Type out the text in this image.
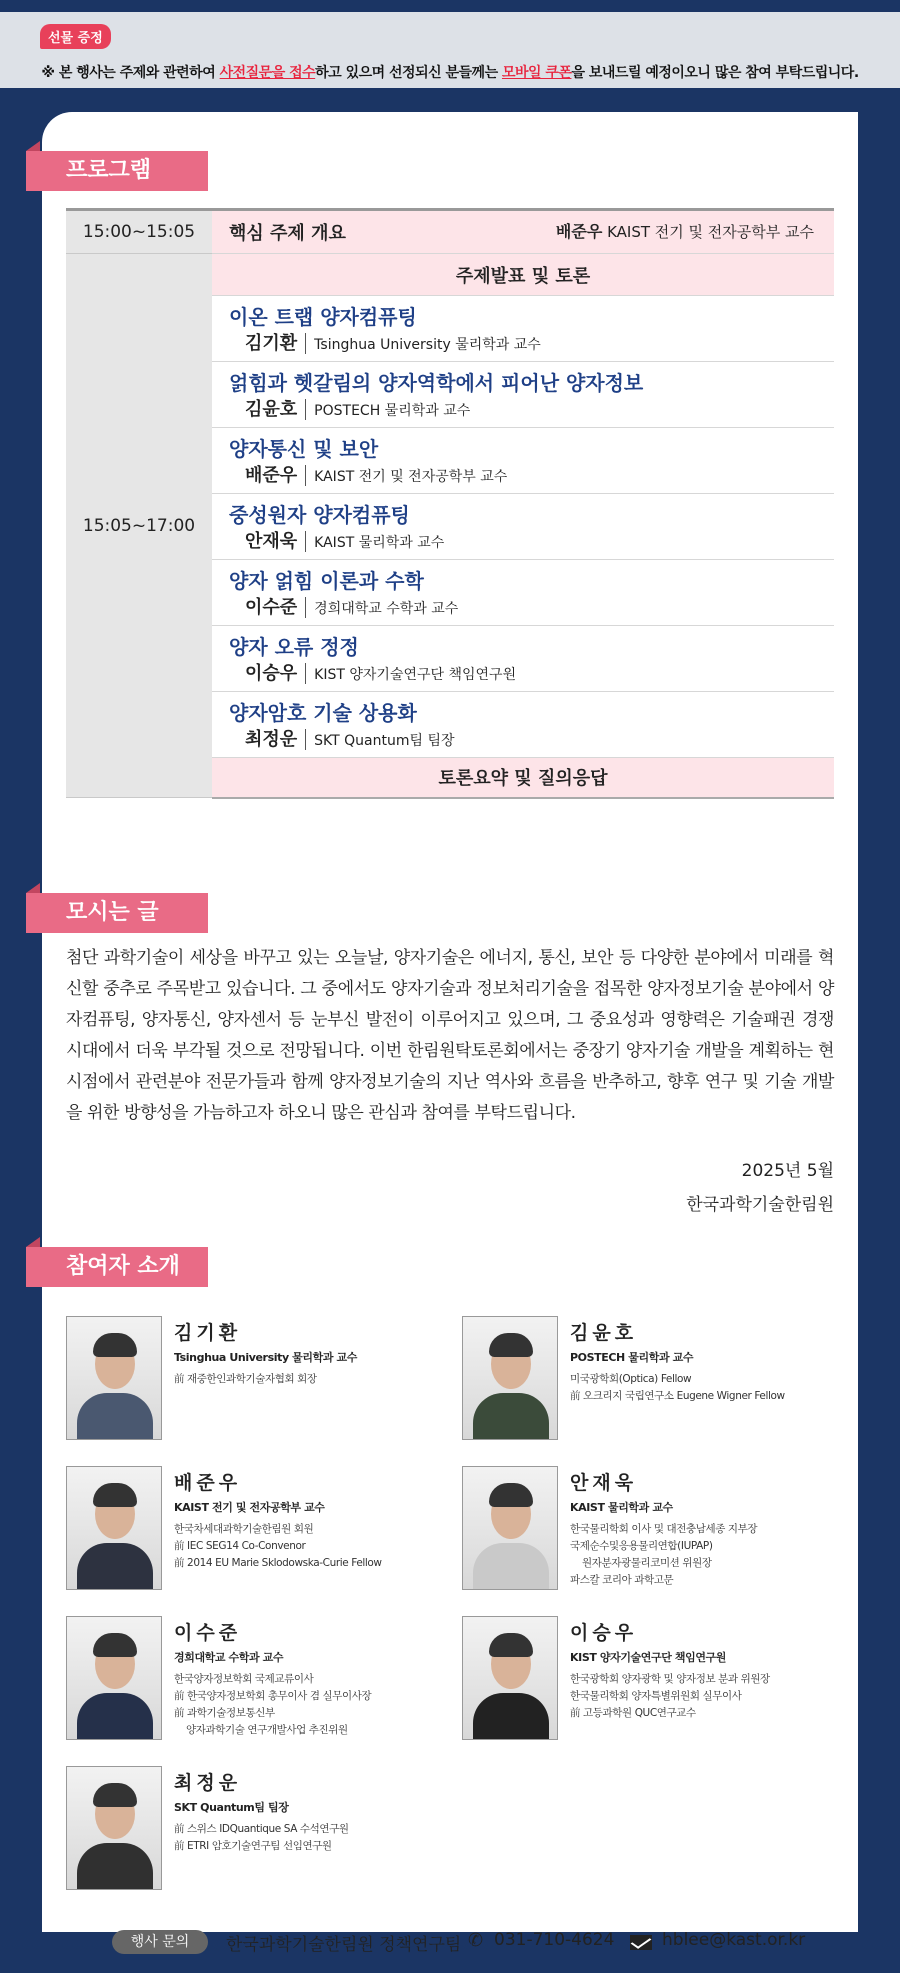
선물 증정
※ 본 행사는 주제와 관련하여 사전질문을 접수하고 있으며 선정되신 분들께는 모바일 쿠폰을 보내드릴 예정이오니 많은 참여 부탁드립니다.
프로그램
15:00~15:05	핵심 주제 개요 배준우 KAIST 전기 및 전자공학부 교수

15:05~17:00	주제발표 및 토론

	이온 트랩 양자컴퓨팅
김기환 Tsinghua University 물리학과 교수

	얽힘과 헷갈림의 양자역학에서 피어난 양자정보
김윤호 POSTECH 물리학과 교수

	양자통신 및 보안
배준우 KAIST 전기 및 전자공학부 교수

	중성원자 양자컴퓨팅
안재욱 KAIST 물리학과 교수

	양자 얽힘 이론과 수학
이수준 경희대학교 수학과 교수

	양자 오류 정정
이승우 KIST 양자기술연구단 책임연구원

	양자암호 기술 상용화
최정운 SKT Quantum팀 팀장

	토론요약 및 질의응답
모시는 글
첨단 과학기술이 세상을 바꾸고 있는 오늘날, 양자기술은 에너지, 통신, 보안 등 다양한 분야에서 미래를 혁신할 중추로 주목받고 있습니다. 그 중에서도 양자기술과 정보처리기술을 접목한 양자정보기술 분야에서 양자컴퓨팅, 양자통신, 양자센서 등 눈부신 발전이 이루어지고 있으며, 그 중요성과 영향력은 기술패권 경쟁 시대에서 더욱 부각될 것으로 전망됩니다. 이번 한림원탁토론회에서는 중장기 양자기술 개발을 계획하는 현 시점에서 관련분야 전문가들과 함께 양자정보기술의 지난 역사와 흐름을 반추하고, 향후 연구 및 기술 개발을 위한 방향성을 가늠하고자 하오니 많은 관심과 참여를 부탁드립니다.
2025년 5월
한국과학기술한림원
참여자 소개
김기환
Tsinghua University 물리학과 교수
前 재중한인과학기술자협회 회장
김윤호
POSTECH 물리학과 교수
미국광학회(Optica) Fellow
前 오크리지 국립연구소 Eugene Wigner Fellow
배준우
KAIST 전기 및 전자공학부 교수
한국차세대과학기술한림원 회원
前 IEC SEG14 Co-Convenor
前 2014 EU Marie Sklodowska-Curie Fellow
안재욱
KAIST 물리학과 교수
한국물리학회 이사 및 대전충남세종 지부장
국제순수및응용물리연합(IUPAP)
원자분자광물리코미션 위원장
파스칼 코리아 과학고문
이수준
경희대학교 수학과 교수
한국양자정보학회 국제교류이사
前 한국양자정보학회 총무이사 겸 실무이사장
前 과학기술정보통신부
양자과학기술 연구개발사업 추진위원
이승우
KIST 양자기술연구단 책임연구원
한국광학회 양자광학 및 양자정보 분과 위원장
한국물리학회 양자특별위원회 실무이사
前 고등과학원 QUC연구교수
최정운
SKT Quantum팀 팀장
前 스위스 IDQuantique SA 수석연구원
前 ETRI 암호기술연구팀 선임연구원
행사 문의	한국과학기술한림원 정책연구팀 ✆ 031-710-4624	hblee@kast.or.kr
